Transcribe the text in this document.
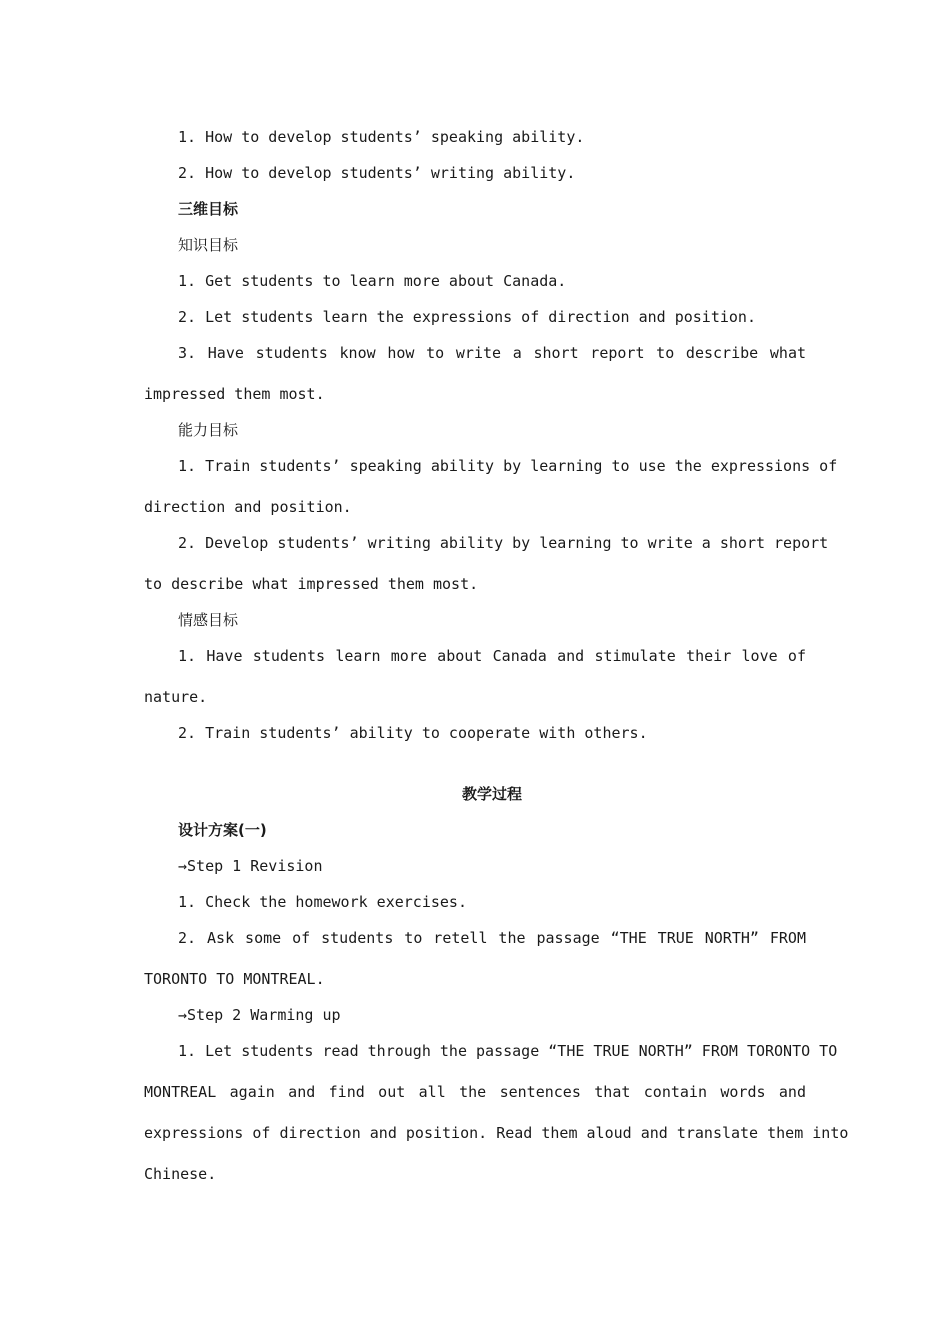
1. How to develop students’ speaking ability.
2. How to develop students’ writing ability.
三维目标
知识目标
1. Get students to learn more about Canada.
2. Let students learn the expressions of direction and position.
3. Have students know how to write a short report to describe what
impressed them most.
能力目标
1. Train students’ speaking ability by learning to use the expressions of
direction and position.
2. Develop students’ writing ability by learning to write a short report
to describe what impressed them most.
情感目标
1. Have students learn more about Canada and stimulate their love of
nature.
2. Train students’ ability to cooperate with others.
教学过程
设计方案(一)
→Step 1 Revision
1. Check the homework exercises.
2. Ask some of students to retell the passage “THE TRUE NORTH” FROM
TORONTO TO MONTREAL.
→Step 2 Warming up
1. Let students read through the passage “THE TRUE NORTH” FROM TORONTO TO
MONTREAL again and find out all the sentences that contain words and
expressions of direction and position. Read them aloud and translate them into
Chinese.
